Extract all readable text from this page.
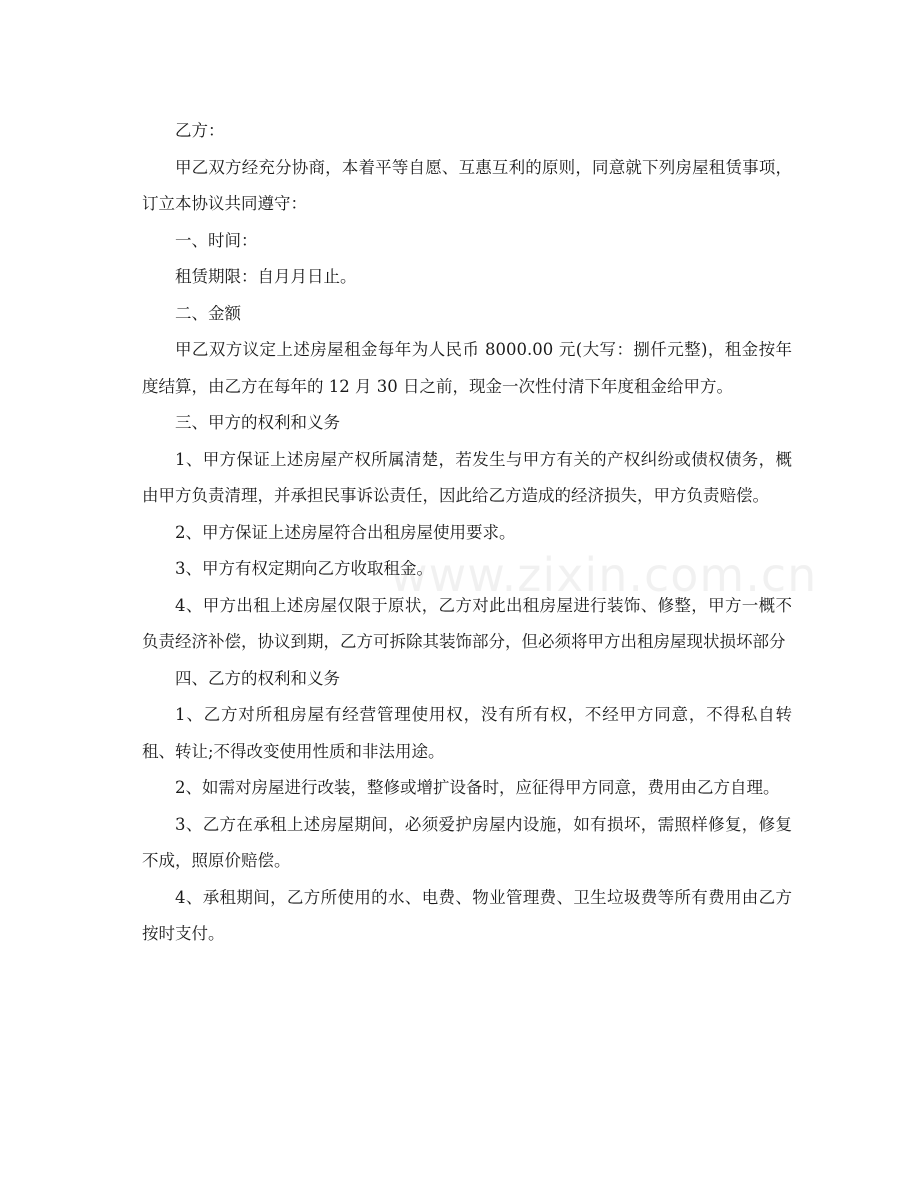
乙方：

甲乙双方经充分协商，本着平等自愿、互惠互利的原则，同意就下列房屋租赁事项，订立本协议共同遵守：

一、时间：

租赁期限：自月月日止。

二、金额

甲乙双方议定上述房屋租金每年为人民币 8000.00 元(大写：捌仟元整)，租金按年度结算，由乙方在每年的 12 月 30 日之前，现金一次性付清下年度租金给甲方。

三、甲方的权利和义务

1、甲方保证上述房屋产权所属清楚，若发生与甲方有关的产权纠纷或债权债务，概由甲方负责清理，并承担民事诉讼责任，因此给乙方造成的经济损失，甲方负责赔偿。

2、甲方保证上述房屋符合出租房屋使用要求。

3、甲方有权定期向乙方收取租金。

4、甲方出租上述房屋仅限于原状，乙方对此出租房屋进行装饰、修整，甲方一概不负责经济补偿，协议到期，乙方可拆除其装饰部分，但必须将甲方出租房屋现状损坏部分

四、乙方的权利和义务

1、乙方对所租房屋有经营管理使用权，没有所有权，不经甲方同意，不得私自转租、转让;不得改变使用性质和非法用途。

2、如需对房屋进行改装，整修或增扩设备时，应征得甲方同意，费用由乙方自理。

3、乙方在承租上述房屋期间，必须爱护房屋内设施，如有损坏，需照样修复，修复不成，照原价赔偿。

4、承租期间，乙方所使用的水、电费、物业管理费、卫生垃圾费等所有费用由乙方按时支付。

www.zixin.com.cn
